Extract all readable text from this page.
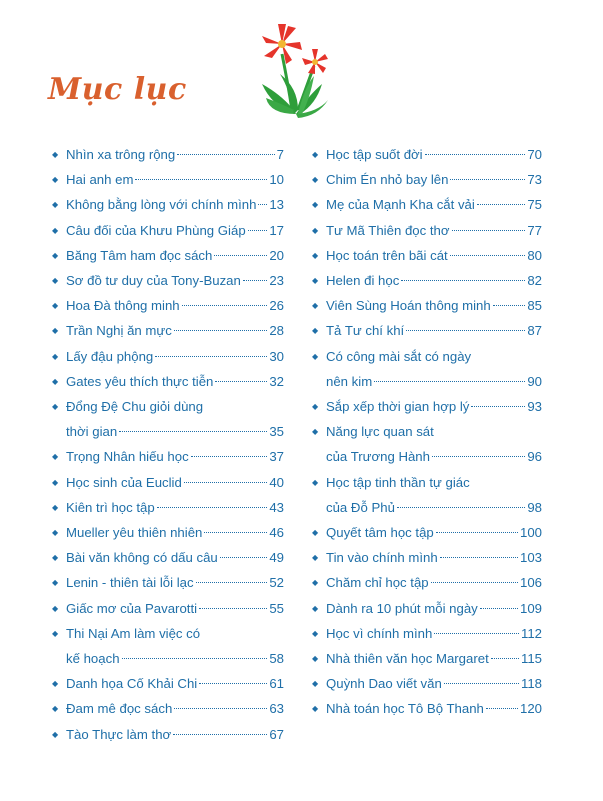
Mục lục
◆ Nhìn xa trông rộng	7
◆ Hai anh em	10
◆ Không bằng lòng với chính mình 13
◆ Câu đối của Khưu Phùng Giáp 17
◆ Băng Tâm ham đọc sách	20
◆ Sơ đồ tư duy của Tony-Buzan 23
◆ Hoa Đà thông minh	26
◆ Trần Nghị ăn mực	28
◆ Lấy đậu phộng	30
◆ Gates yêu thích thực tiễn	32
◆ Đổng Đệ Chu giỏi dùng
thời gian	35
◆ Trọng Nhân hiếu học	37
◆ Học sinh của Euclid	40
◆ Kiên trì học tập	43
◆ Mueller yêu thiên nhiên	46
◆ Bài văn không có dấu câu	49
◆ Lenin - thiên tài lỗi lạc	52
◆ Giấc mơ của Pavarotti	55
◆ Thi Nại Am làm việc có
kế hoạch	58
◆ Danh họa Cố Khải Chi	61
◆ Đam mê đọc sách	63
◆ Tào Thực làm thơ	67
◆ Học tập suốt đời	70
◆ Chim Én nhỏ bay lên	73
◆ Mẹ của Mạnh Kha cắt vải	75
◆ Tư Mã Thiên đọc thơ	77
◆ Học toán trên bãi cát	80
◆ Helen đi học	82
◆ Viên Sùng Hoán thông minh	85
◆ Tả Tư chí khí	87
◆ Có công mài sắt có ngày
nên kim	90
◆ Sắp xếp thời gian hợp lý	93
◆ Năng lực quan sát
của Trương Hành	96
◆ Học tập tinh thần tự giác
của Đỗ Phủ	98
◆ Quyết tâm học tập	100
◆ Tin vào chính mình	103
◆ Chăm chỉ học tập	106
◆ Dành ra 10 phút mỗi ngày	109
◆ Học vì chính mình	112
◆ Nhà thiên văn học Margaret 115
◆ Quỳnh Dao viết văn	118
◆ Nhà toán học Tô Bộ Thanh	120
